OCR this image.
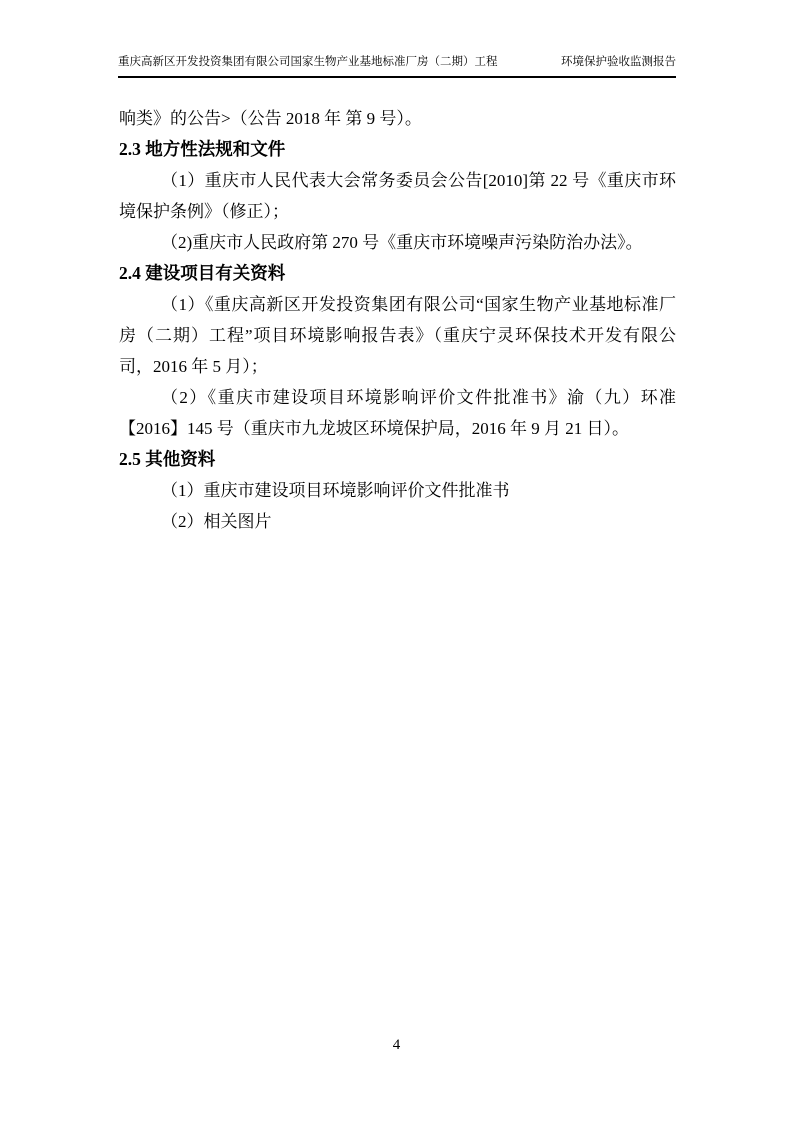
重庆高新区开发投资集团有限公司国家生物产业基地标准厂房（二期）工程	环境保护验收监测报告

响类》的公告>（公告 2018 年 第 9 号）。

2.3 地方性法规和文件

（1）重庆市人民代表大会常务委员会公告[2010]第 22 号《重庆市环境保护条例》（修正）；

（2)重庆市人民政府第 270 号《重庆市环境噪声污染防治办法》。

2.4 建设项目有关资料

（1）《重庆高新区开发投资集团有限公司“国家生物产业基地标准厂房（二期）工程”项目环境影响报告表》（重庆宁灵环保技术开发有限公司，2016 年 5 月）；

（2）《重庆市建设项目环境影响评价文件批准书》渝（九）环准【2016】145 号（重庆市九龙坡区环境保护局，2016 年 9 月 21 日）。

2.5 其他资料

（1）重庆市建设项目环境影响评价文件批准书

（2）相关图片

4
